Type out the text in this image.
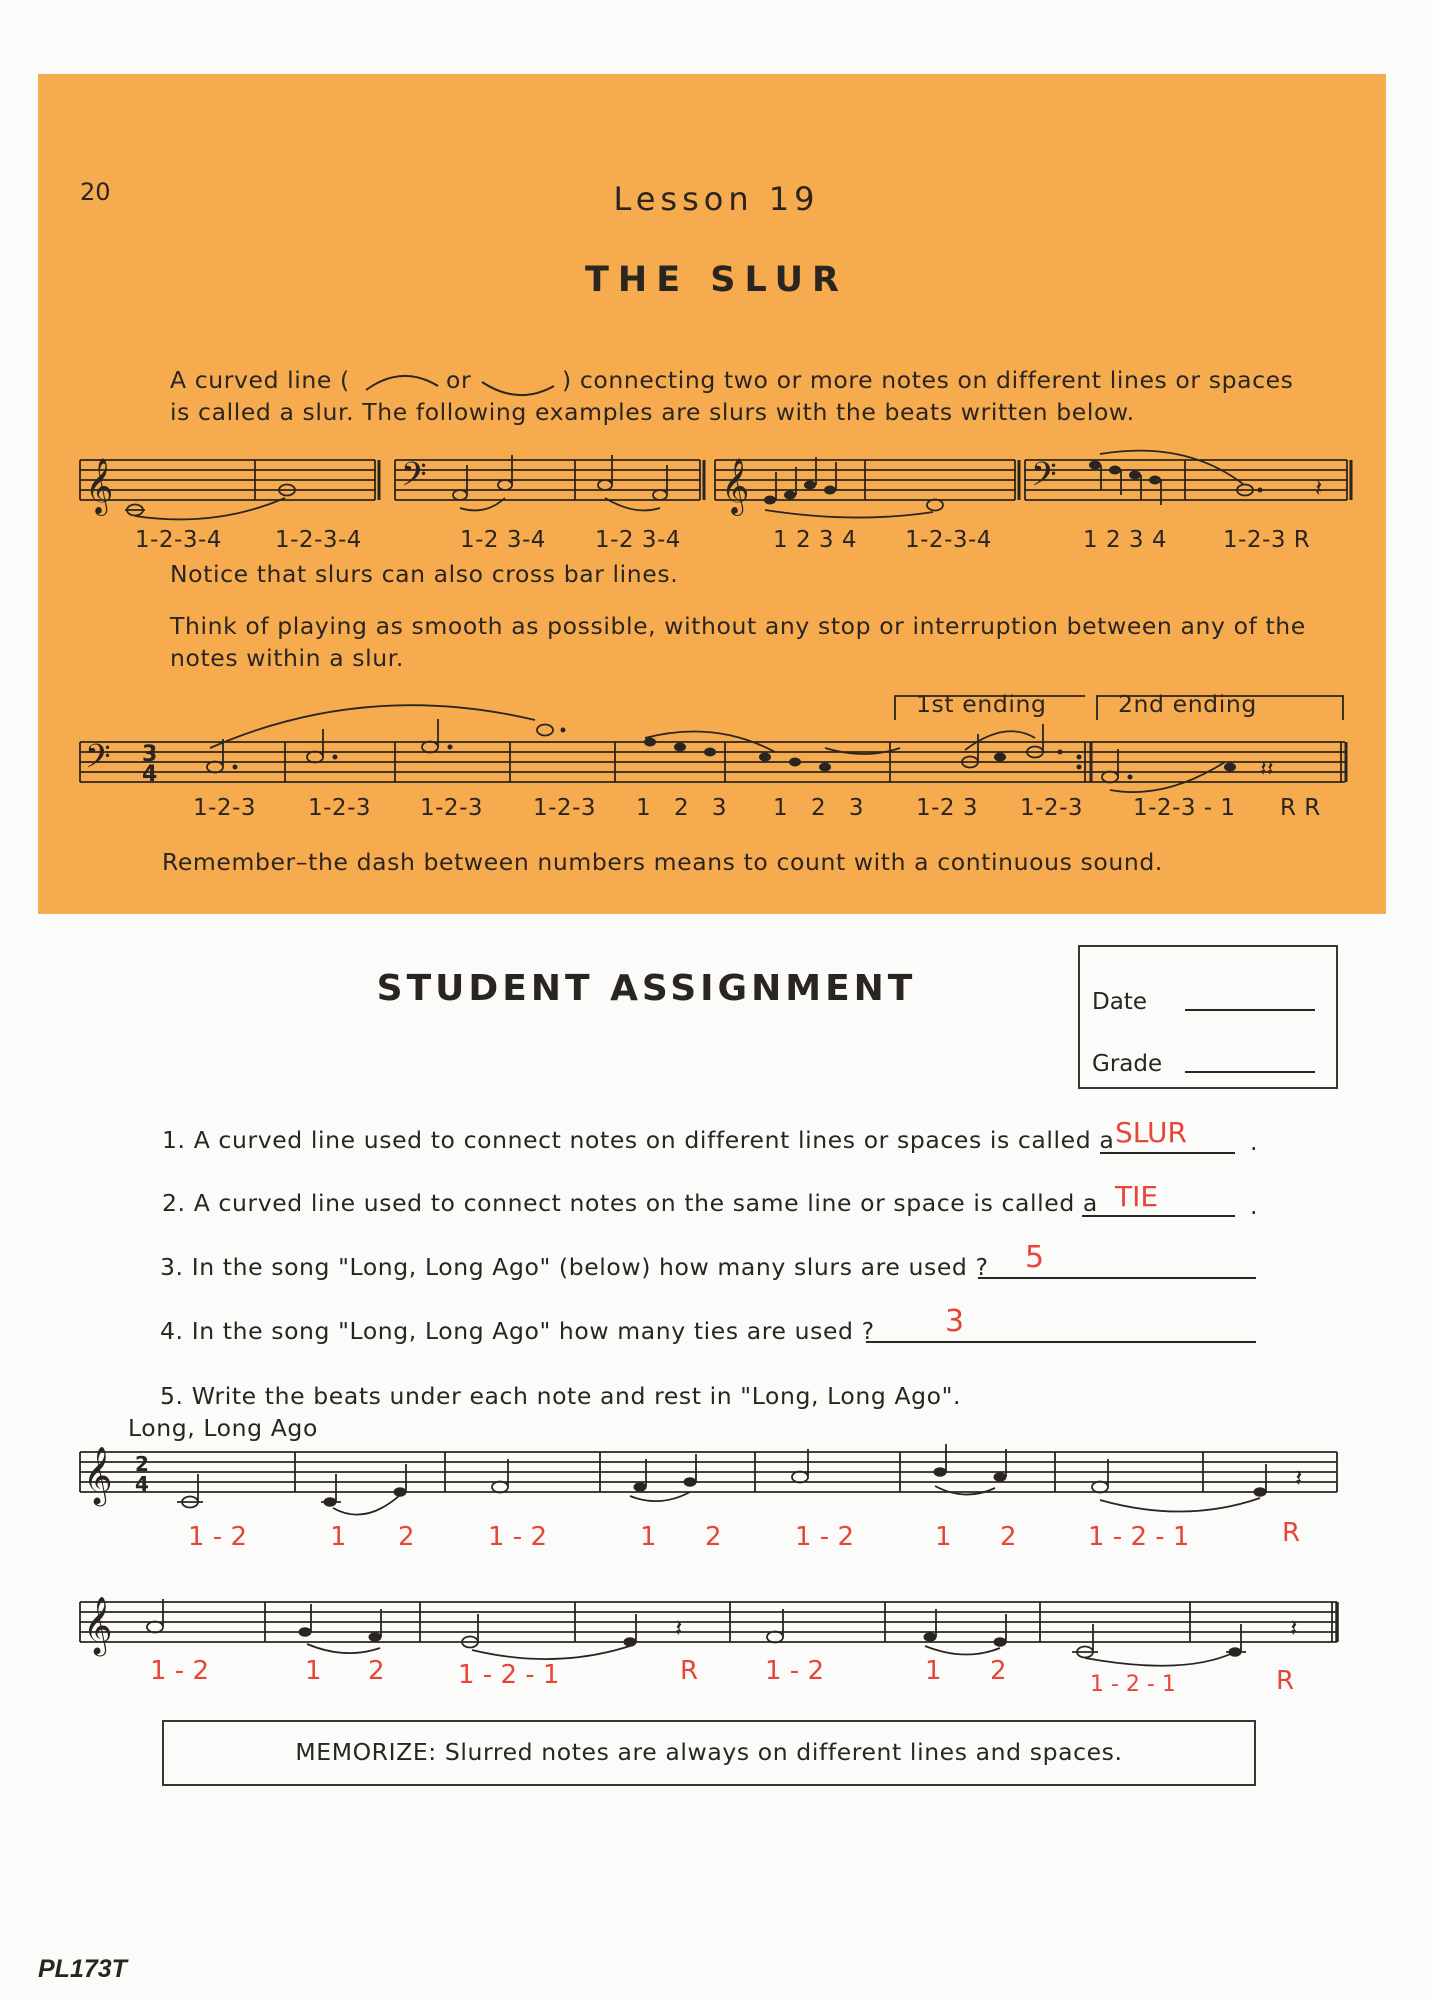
20	Lesson 19
THE SLUR
A curved line (	or	) connecting two or more notes on different lines or spaces
is called a slur. The following examples are slurs with the beats written below.
𝄞	𝄢	𝄞	𝄢	𝄽
1-2-3-4 1-2-3-4	1-2 3-4 1-2 3-4	1 2 3 4 1-2-3-4	1 2 3 4 1-2-3 R
Notice that slurs can also cross bar lines.
Think of playing as smooth as possible, without any stop or interruption between any of the
notes within a slur.
𝄢 3
4	𝄽𝄽
1st ending	2nd ending
1-2-3 1-2-3 1-2-3 1-2-3 1 2 3 1 2 3 1-2 3 1-2-3 1-2-3 - 1 R R
Remember–the dash between numbers means to count with a continuous sound.
STUDENT ASSIGNMENT	Date
Grade
1. A curved line used to connect notes on different lines or spaces is called a SLUR	.
2. A curved line used to connect notes on the same line or space is called a TIE	.
3. In the song "Long, Long Ago" (below) how many slurs are used ? 5
4. In the song "Long, Long Ago" how many ties are used ? 3
5. Write the beats under each note and rest in "Long, Long Ago".
Long, Long Ago
𝄞 2
4	𝄽
1 - 2	1 2	1 - 2	1 2	1 - 2	1 2	1 - 2 - 1	R
𝄞	𝄽	𝄽
1 - 2	1 2	1 - 2 - 1	R	1 - 2	1 2	1 - 2 - 1	R
MEMORIZE: Slurred notes are always on different lines and spaces.
PL173T
